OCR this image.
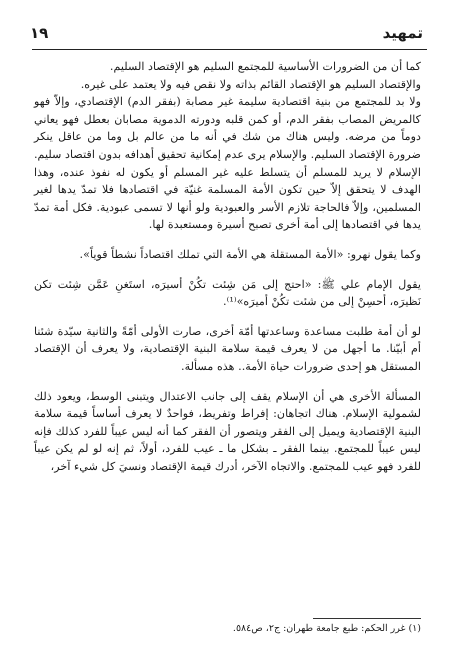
١٩	تمهيد

كما أن من الضرورات الأساسية للمجتمع السليم هو الإقتصاد السليم.

والإقتصاد السليم هو الإقتصاد القائم بذاته ولا نقص فيه ولا يعتمد على غيره.

ولا بد للمجتمع من بنية اقتصادية سليمة غير مصابة (بفقر الدم) الإقتصادي، وإلاّ فهو كالمريض المصاب بفقر الدم، أو كمن قلبه ودورته الدموية مصابان بعطل فهو يعاني دوماً من مرضه. وليس هناك من شك في أنه ما من عالم بل وما من عاقل ينكر ضرورة الإقتصاد السليم. والإسلام يرى عدم إمكانية تحقيق أهدافه بدون اقتصاد سليم. الإسلام لا يريد للمسلم أن يتسلط عليه غير المسلم أو يكون له نفوذ عنده، وهذا الهدف لا يتحقق إلاّ حين تكون الأمة المسلمة غنيّة في اقتصادها فلا تمدّ يدها لغير المسلمين، وإلاّ فالحاجة تلازم الأسر والعبودية ولو أنها لا تسمى عبودية. فكل أمة تمدّ يدها في اقتصادها إلى أمة أخرى تصبح أسيرة ومستعبدة لها.

وكما يقول نهرو: «الأمة المستقلة هي الأمة التي تملك اقتصاداً نشطاً قوياً».

يقول الإمام علي ﷺ: «احتج إلى مَن شِئت تكُنْ أسيرَه، استَغنِ عَمَّن شِئت تكن نَظيرَه، أحسِنْ إلى من شئت تكُنْ أميرَه»⁽¹⁾.

لو أن أمة طلبت مساعدة وساعدتها أمّة أخرى، صارت الأولى أمّةً والثانية سيّدة شئنا أم أبيّنا. ما أجهل من لا يعرف قيمة سلامة البنية الإقتصادية، ولا يعرف أن الإقتصاد المستقل هو إحدى ضرورات حياة الأمة.. هذه مسألة.

المسألة الأخرى هي أن الإسلام يقف إلى جانب الاعتدال ويتبنى الوسط، ويعود ذلك لشمولية الإسلام. هناك اتجاهان: إفراط وتفريط، فواحدٌ لا يعرف أساساً قيمة سلامة البنية الإقتصادية ويميل إلى الفقر ويتصور أن الفقر كما أنه ليس عيباً للفرد كذلك فإنه ليس عيباً للمجتمع. بينما الفقر ـ بشكل ما ـ عيب للفرد، أولاً، ثم إنه لو لم يكن عيباً للفرد فهو عيب للمجتمع. والاتجاه الآخر، أدرك قيمة الإقتصاد ونسيَ كل شيء آخر،

(١) غرر الحكم: طبع جامعة طهران: ج٢، ص٥٨٤.
